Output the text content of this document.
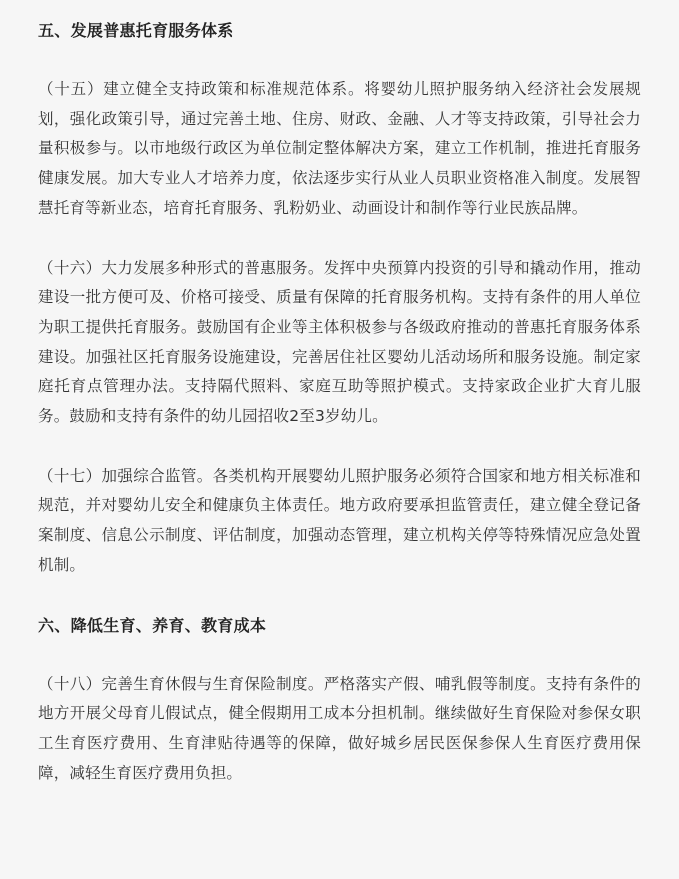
五、发展普惠托育服务体系

（十五）建立健全支持政策和标准规范体系。将婴幼儿照护服务纳入经济社会发展规划，强化政策引导，通过完善土地、住房、财政、金融、人才等支持政策，引导社会力量积极参与。以市地级行政区为单位制定整体解决方案，建立工作机制，推进托育服务健康发展。加大专业人才培养力度，依法逐步实行从业人员职业资格准入制度。发展智慧托育等新业态，培育托育服务、乳粉奶业、动画设计和制作等行业民族品牌。

（十六）大力发展多种形式的普惠服务。发挥中央预算内投资的引导和撬动作用，推动建设一批方便可及、价格可接受、质量有保障的托育服务机构。支持有条件的用人单位为职工提供托育服务。鼓励国有企业等主体积极参与各级政府推动的普惠托育服务体系建设。加强社区托育服务设施建设，完善居住社区婴幼儿活动场所和服务设施。制定家庭托育点管理办法。支持隔代照料、家庭互助等照护模式。支持家政企业扩大育儿服务。鼓励和支持有条件的幼儿园招收2至3岁幼儿。

（十七）加强综合监管。各类机构开展婴幼儿照护服务必须符合国家和地方相关标准和规范，并对婴幼儿安全和健康负主体责任。地方政府要承担监管责任，建立健全登记备案制度、信息公示制度、评估制度，加强动态管理，建立机构关停等特殊情况应急处置机制。

六、降低生育、养育、教育成本

（十八）完善生育休假与生育保险制度。严格落实产假、哺乳假等制度。支持有条件的地方开展父母育儿假试点，健全假期用工成本分担机制。继续做好生育保险对参保女职工生育医疗费用、生育津贴待遇等的保障，做好城乡居民医保参保人生育医疗费用保障，减轻生育医疗费用负担。
